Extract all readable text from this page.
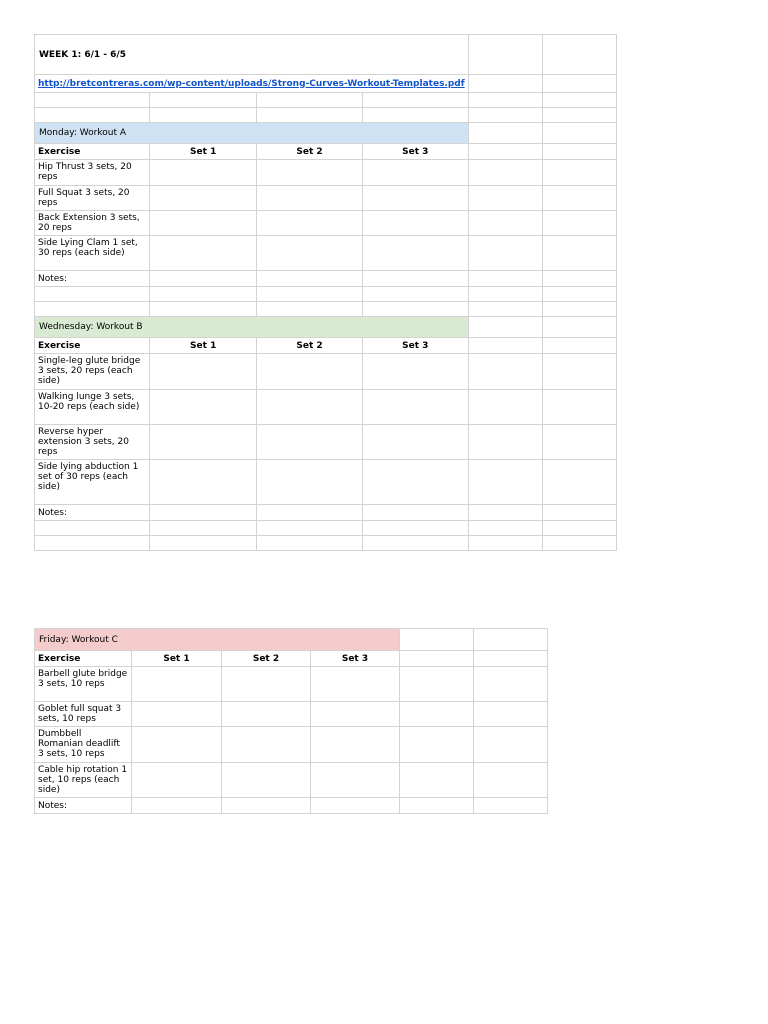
WEEK 1: 6/1 - 6/5					
http://bretcontreras.com/wp-content/uploads/Strong-Curves-Workout-Templates.pdf					

Monday: Workout A					
Exercise	Set 1	Set 2	Set 3		
Hip Thrust 3 sets, 20 reps					
Full Squat 3 sets, 20 reps					
Back Extension 3 sets, 20 reps					
Side Lying Clam 1 set, 30 reps (each side)					
Notes:					

Wednesday: Workout B					
Exercise	Set 1	Set 2	Set 3		
Single-leg glute bridge 3 sets, 20 reps (each side)					
Walking lunge 3 sets, 10-20 reps (each side)					
Reverse hyper extension 3 sets, 20 reps					
Side lying abduction 1 set of 30 reps (each side)					
Notes:					

Friday: Workout C					
Exercise	Set 1	Set 2	Set 3		
Barbell glute bridge 3 sets, 10 reps					
Goblet full squat 3 sets, 10 reps					
Dumbbell Romanian deadlift 3 sets, 10 reps					
Cable hip rotation 1 set, 10 reps (each side)					
Notes:					
